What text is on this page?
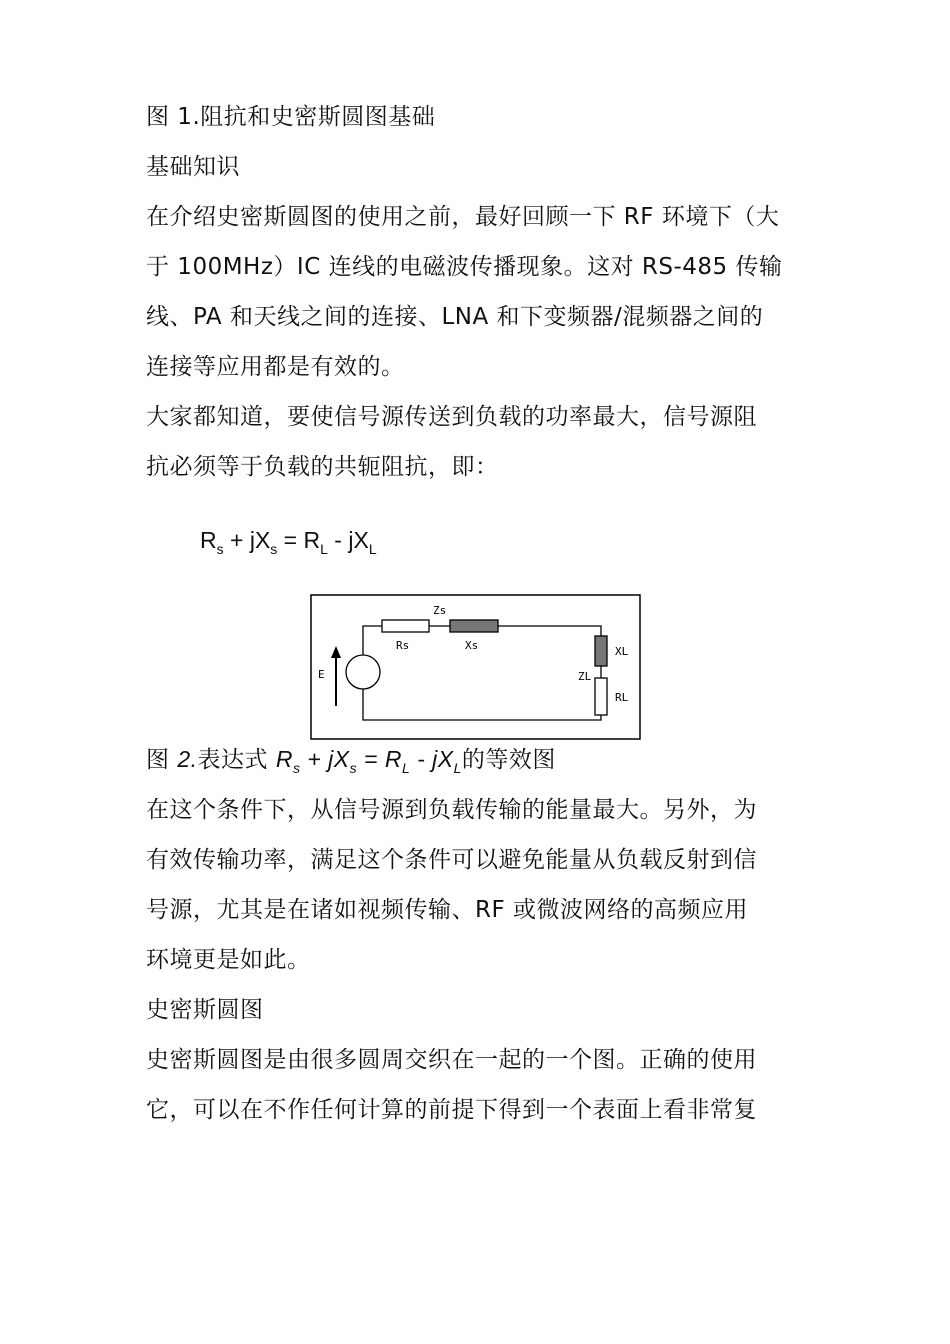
图 1.阻抗和史密斯圆图基础
基础知识
在介绍史密斯圆图的使用之前，最好回顾一下 RF 环境下（大
于 100MHz）IC 连线的电磁波传播现象。这对 RS-485 传输
线、PA 和天线之间的连接、LNA 和下变频器/混频器之间的
连接等应用都是有效的。
大家都知道，要使信号源传送到负载的功率最大，信号源阻
抗必须等于负载的共轭阻抗，即：
$R_s + jX_s = R_L - jX_L$
Zs
Rs	Xs
E	ZL
XL
RL
图 2.表达式 $R_s + jX_s = R_L - jX_L$的等效图
在这个条件下，从信号源到负载传输的能量最大。另外，为
有效传输功率，满足这个条件可以避免能量从负载反射到信
号源，尤其是在诸如视频传输、RF 或微波网络的高频应用
环境更是如此。
史密斯圆图
史密斯圆图是由很多圆周交织在一起的一个图。正确的使用
它，可以在不作任何计算的前提下得到一个表面上看非常复
